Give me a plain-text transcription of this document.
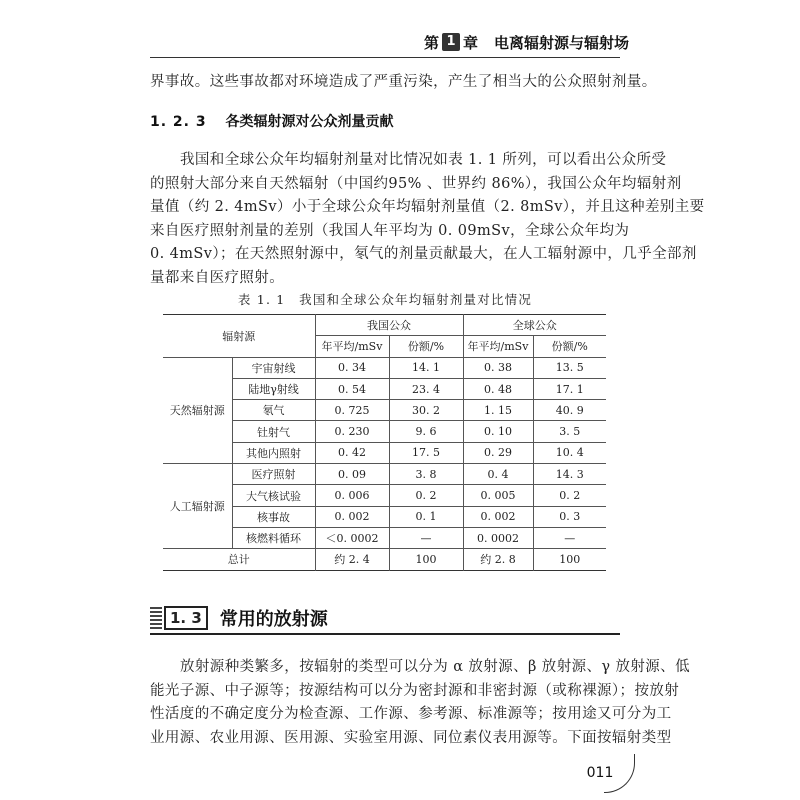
第 1 章 电离辐射源与辐射场
界事故。这些事故都对环境造成了严重污染，产生了相当大的公众照射剂量。
1. 2. 3 各类辐射源对公众剂量贡献
我国和全球公众年均辐射剂量对比情况如表 1. 1 所列，可以看出公众所受
的照射大部分来自天然辐射（中国约95% 、世界约 86%），我国公众年均辐射剂
量值（约 2. 4mSv）小于全球公众年均辐射剂量值（2. 8mSv），并且这种差别主要
来自医疗照射剂量的差别（我国人年平均为 0. 09mSv，全球公众年均为
0. 4mSv）；在天然照射源中，氡气的剂量贡献最大，在人工辐射源中，几乎全部剂
量都来自医疗照射。
表 1. 1　我国和全球公众年均辐射剂量对比情况
辐射源		我国公众		全球公众	
		年平均/mSv	份额/%	年平均/mSv	份额/%
天然辐射源	宇宙射线	0. 34	14. 1	0. 38	13. 5
	陆地γ射线	0. 54	23. 4	0. 48	17. 1
	氡气	0. 725	30. 2	1. 15	40. 9
	钍射气	0. 230	9. 6	0. 10	3. 5
	其他内照射	0. 42	17. 5	0. 29	10. 4
人工辐射源	医疗照射	0. 09	3. 8	0. 4	14. 3
	大气核试验	0. 006	0. 2	0. 005	0. 2
	核事故	0. 002	0. 1	0. 002	0. 3
	核燃料循环	＜0. 0002	—	0. 0002	—
总计		约 2. 4	100	约 2. 8	100
1. 3	常用的放射源
放射源种类繁多，按辐射的类型可以分为 α 放射源、β 放射源、γ 放射源、低
能光子源、中子源等；按源结构可以分为密封源和非密封源（或称裸源）；按放射
性活度的不确定度分为检查源、工作源、参考源、标准源等；按用途又可分为工
业用源、农业用源、医用源、实验室用源、同位素仪表用源等。下面按辐射类型
011
